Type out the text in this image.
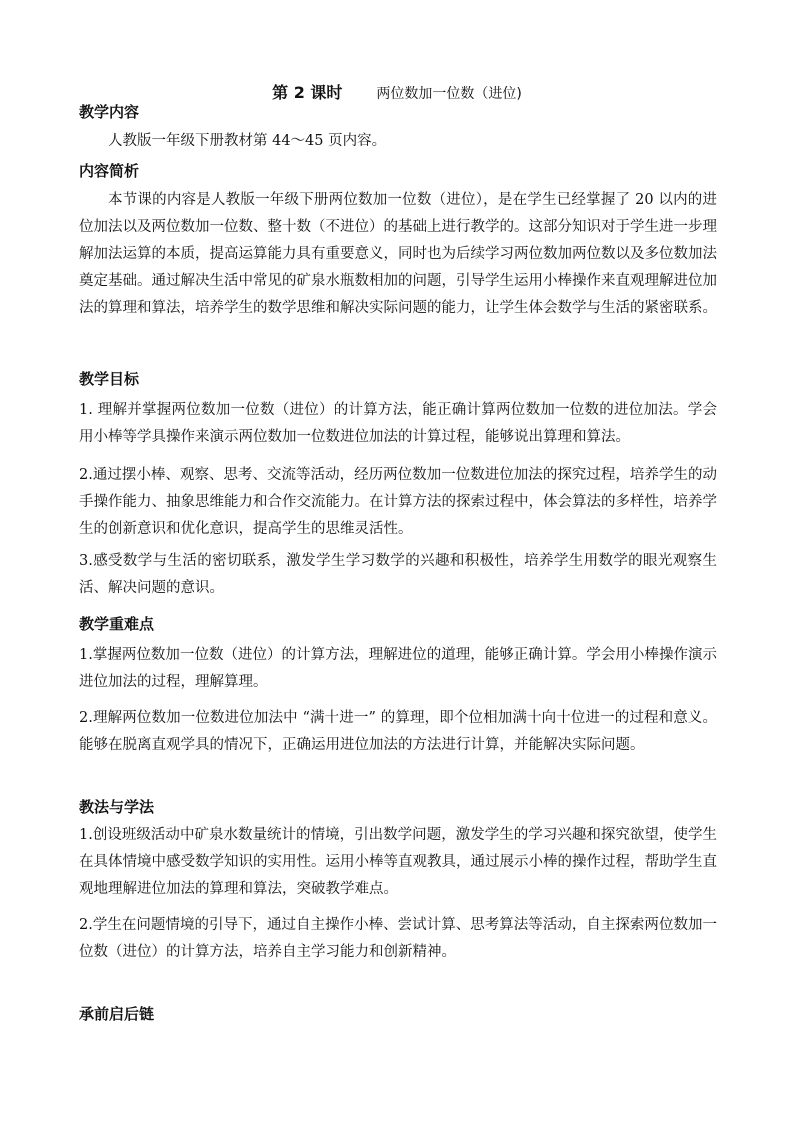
第 2 课时 两位数加一位数（进位)
教学内容
人教版一年级下册教材第 44～45 页内容。
内容简析
本节课的内容是人教版一年级下册两位数加一位数（进位），是在学生已经掌握了 20 以内的进位加法以及两位数加一位数、整十数（不进位）的基础上进行教学的。这部分知识对于学生进一步理解加法运算的本质，提高运算能力具有重要意义，同时也为后续学习两位数加两位数以及多位数加法奠定基础。通过解决生活中常见的矿泉水瓶数相加的问题，引导学生运用小棒操作来直观理解进位加法的算理和算法，培养学生的数学思维和解决实际问题的能力，让学生体会数学与生活的紧密联系。
教学目标
1. 理解并掌握两位数加一位数（进位）的计算方法，能正确计算两位数加一位数的进位加法。学会用小棒等学具操作来演示两位数加一位数进位加法的计算过程，能够说出算理和算法。
2.通过摆小棒、观察、思考、交流等活动，经历两位数加一位数进位加法的探究过程，培养学生的动手操作能力、抽象思维能力和合作交流能力。在计算方法的探索过程中，体会算法的多样性，培养学生的创新意识和优化意识，提高学生的思维灵活性。
3.感受数学与生活的密切联系，激发学生学习数学的兴趣和积极性，培养学生用数学的眼光观察生活、解决问题的意识。
教学重难点
1.掌握两位数加一位数（进位）的计算方法，理解进位的道理，能够正确计算。学会用小棒操作演示进位加法的过程，理解算理。
2.理解两位数加一位数进位加法中 “满十进一” 的算理，即个位相加满十向十位进一的过程和意义。能够在脱离直观学具的情况下，正确运用进位加法的方法进行计算，并能解决实际问题。
教法与学法
1.创设班级活动中矿泉水数量统计的情境，引出数学问题，激发学生的学习兴趣和探究欲望，使学生在具体情境中感受数学知识的实用性。运用小棒等直观教具，通过展示小棒的操作过程，帮助学生直观地理解进位加法的算理和算法，突破教学难点。
2.学生在问题情境的引导下，通过自主操作小棒、尝试计算、思考算法等活动，自主探索两位数加一位数（进位）的计算方法，培养自主学习能力和创新精神。
承前启后链
